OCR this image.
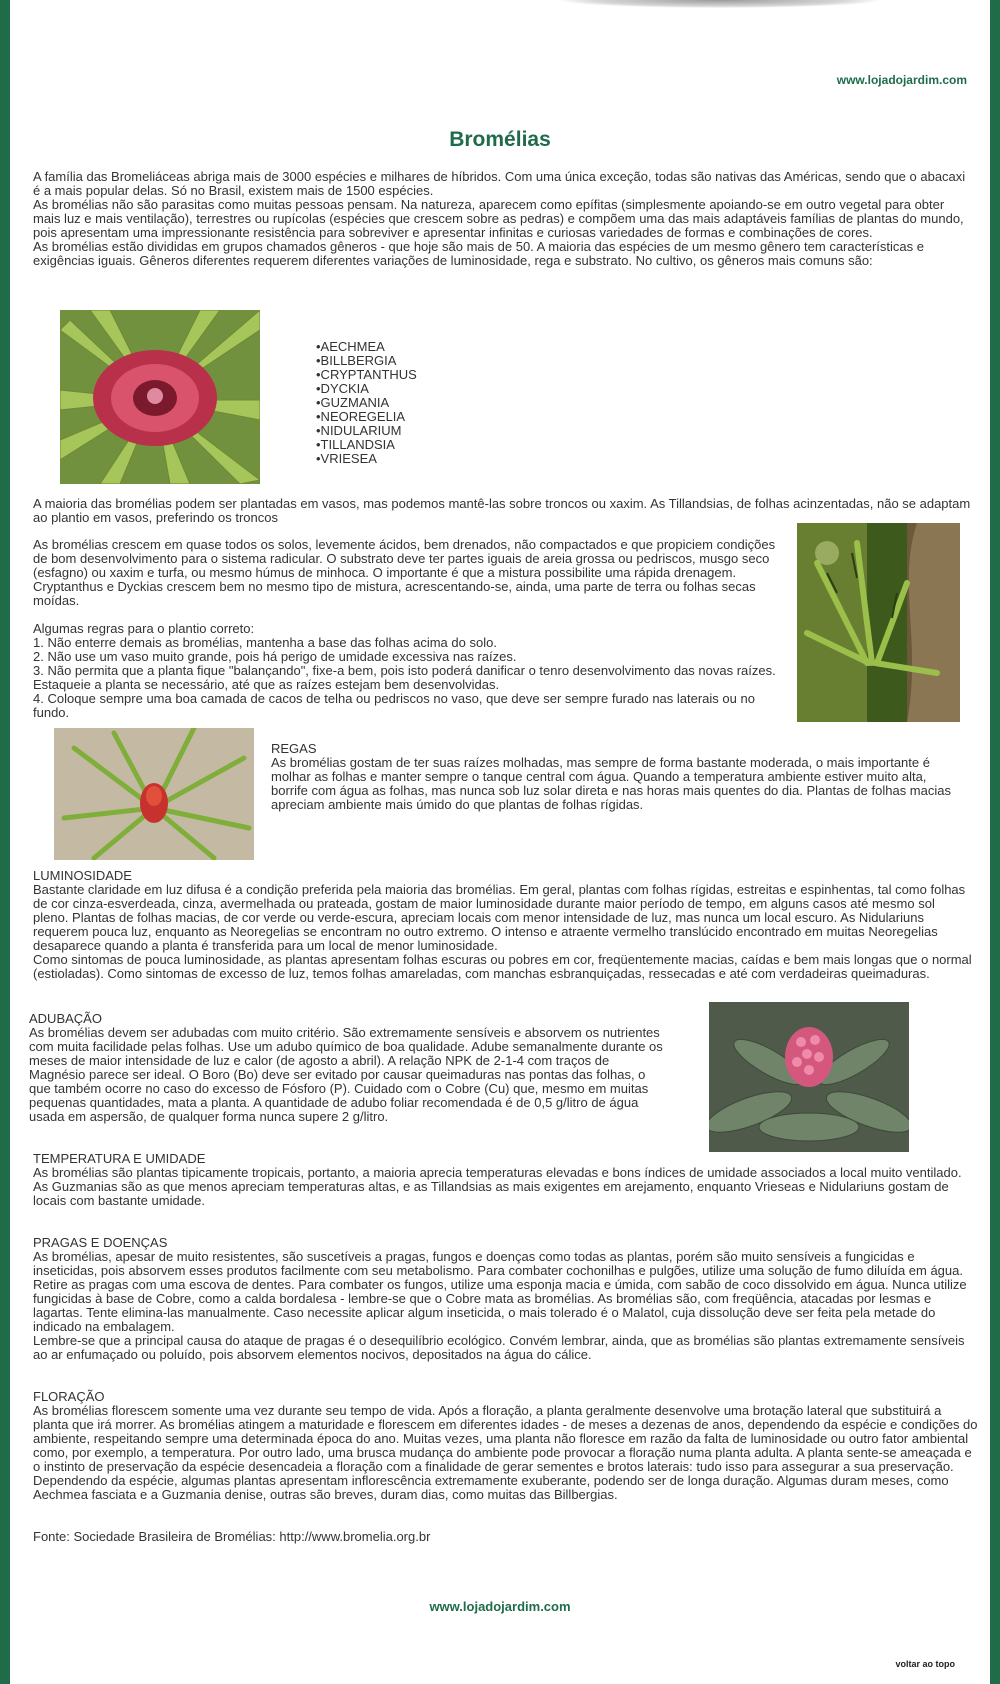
www.lojadojardim.com
Bromélias

A família das Bromeliáceas abriga mais de 3000 espécies e milhares de híbridos. Com uma única exceção, todas são nativas das Américas, sendo que o abacaxi é a mais popular delas. Só no Brasil, existem mais de 1500 espécies.

As bromélias não são parasitas como muitas pessoas pensam. Na natureza, aparecem como epífitas (simplesmente apoiando-se em outro vegetal para obter mais luz e mais ventilação), terrestres ou rupícolas (espécies que crescem sobre as pedras) e compõem uma das mais adaptáveis famílias de plantas do mundo, pois apresentam uma impressionante resistência para sobreviver e apresentar infinitas e curiosas variedades de formas e combinações de cores.

As bromélias estão divididas em grupos chamados gêneros - que hoje são mais de 50. A maioria das espécies de um mesmo gênero tem características e exigências iguais. Gêneros diferentes requerem diferentes variações de luminosidade, rega e substrato. No cultivo, os gêneros mais comuns são:

•AECHMEA
•BILLBERGIA
•CRYPTANTHUS
•DYCKIA
•GUZMANIA
•NEOREGELIA
•NIDULARIUM
•TILLANDSIA
•VRIESEA

A maioria das bromélias podem ser plantadas em vasos, mas podemos mantê-las sobre troncos ou xaxim. As Tillandsias, de folhas acinzentadas, não se adaptam ao plantio em vasos, preferindo os troncos

As bromélias crescem em quase todos os solos, levemente ácidos, bem drenados, não compactados e que propiciem condições de bom desenvolvimento para o sistema radicular. O substrato deve ter partes iguais de areia grossa ou pedriscos, musgo seco (esfagno) ou xaxim e turfa, ou mesmo húmus de minhoca. O importante é que a mistura possibilite uma rápida drenagem. Cryptanthus e Dyckias crescem bem no mesmo tipo de mistura, acrescentando-se, ainda, uma parte de terra ou folhas secas moídas.

Algumas regras para o plantio correto:

1. Não enterre demais as bromélias, mantenha a base das folhas acima do solo.

2. Não use um vaso muito grande, pois há perigo de umidade excessiva nas raízes.

3. Não permita que a planta fique "balançando", fixe-a bem, pois isto poderá danificar o tenro desenvolvimento das novas raízes. Estaqueie a planta se necessário, até que as raízes estejam bem desenvolvidas.

4. Coloque sempre uma boa camada de cacos de telha ou pedriscos no vaso, que deve ser sempre furado nas laterais ou no fundo.

REGAS

As bromélias gostam de ter suas raízes molhadas, mas sempre de forma bastante moderada, o mais importante é molhar as folhas e manter sempre o tanque central com água. Quando a temperatura ambiente estiver muito alta, borrife com água as folhas, mas nunca sob luz solar direta e nas horas mais quentes do dia. Plantas de folhas macias apreciam ambiente mais úmido do que plantas de folhas rígidas.

LUMINOSIDADE

Bastante claridade em luz difusa é a condição preferida pela maioria das bromélias. Em geral, plantas com folhas rígidas, estreitas e espinhentas, tal como folhas de cor cinza-esverdeada, cinza, avermelhada ou prateada, gostam de maior luminosidade durante maior período de tempo, em alguns casos até mesmo sol pleno. Plantas de folhas macias, de cor verde ou verde-escura, apreciam locais com menor intensidade de luz, mas nunca um local escuro. As Nidulariuns requerem pouca luz, enquanto as Neoregelias se encontram no outro extremo. O intenso e atraente vermelho translúcido encontrado em muitas Neoregelias desaparece quando a planta é transferida para um local de menor luminosidade.

Como sintomas de pouca luminosidade, as plantas apresentam folhas escuras ou pobres em cor, freqüentemente macias, caídas e bem mais longas que o normal (estioladas). Como sintomas de excesso de luz, temos folhas amareladas, com manchas esbranquiçadas, ressecadas e até com verdadeiras queimaduras.

ADUBAÇÃO

As bromélias devem ser adubadas com muito critério. São extremamente sensíveis e absorvem os nutrientes com muita facilidade pelas folhas. Use um adubo químico de boa qualidade. Adube semanalmente durante os meses de maior intensidade de luz e calor (de agosto a abril). A relação NPK de 2-1-4 com traços de Magnésio parece ser ideal. O Boro (Bo) deve ser evitado por causar queimaduras nas pontas das folhas, o que também ocorre no caso do excesso de Fósforo (P). Cuidado com o Cobre (Cu) que, mesmo em muitas pequenas quantidades, mata a planta. A quantidade de adubo foliar recomendada é de 0,5 g/litro de água usada em aspersão, de qualquer forma nunca supere 2 g/litro.

TEMPERATURA E UMIDADE

As bromélias são plantas tipicamente tropicais, portanto, a maioria aprecia temperaturas elevadas e bons índices de umidade associados a local muito ventilado. As Guzmanias são as que menos apreciam temperaturas altas, e as Tillandsias as mais exigentes em arejamento, enquanto Vrieseas e Nidulariuns gostam de locais com bastante umidade.

PRAGAS E DOENÇAS

As bromélias, apesar de muito resistentes, são suscetíveis a pragas, fungos e doenças como todas as plantas, porém são muito sensíveis a fungicidas e inseticidas, pois absorvem esses produtos facilmente com seu metabolismo. Para combater cochonilhas e pulgões, utilize uma solução de fumo diluída em água. Retire as pragas com uma escova de dentes. Para combater os fungos, utilize uma esponja macia e úmida, com sabão de coco dissolvido em água. Nunca utilize fungicidas à base de Cobre, como a calda bordalesa - lembre-se que o Cobre mata as bromélias. As bromélias são, com freqüência, atacadas por lesmas e lagartas. Tente elimina-las manualmente. Caso necessite aplicar algum inseticida, o mais tolerado é o Malatol, cuja dissolução deve ser feita pela metade do indicado na embalagem.

Lembre-se que a principal causa do ataque de pragas é o desequilíbrio ecológico. Convém lembrar, ainda, que as bromélias são plantas extremamente sensíveis ao ar enfumaçado ou poluído, pois absorvem elementos nocivos, depositados na água do cálice.

FLORAÇÃO

As bromélias florescem somente uma vez durante seu tempo de vida. Após a floração, a planta geralmente desenvolve uma brotação lateral que substituirá a planta que irá morrer. As bromélias atingem a maturidade e florescem em diferentes idades - de meses a dezenas de anos, dependendo da espécie e condições do ambiente, respeitando sempre uma determinada época do ano. Muitas vezes, uma planta não floresce em razão da falta de luminosidade ou outro fator ambiental como, por exemplo, a temperatura. Por outro lado, uma brusca mudança do ambiente pode provocar a floração numa planta adulta. A planta sente-se ameaçada e o instinto de preservação da espécie desencadeia a floração com a finalidade de gerar sementes e brotos laterais: tudo isso para assegurar a sua preservação.

Dependendo da espécie, algumas plantas apresentam inflorescência extremamente exuberante, podendo ser de longa duração. Algumas duram meses, como Aechmea fasciata e a Guzmania denise, outras são breves, duram dias, como muitas das Billbergias.

Fonte: Sociedade Brasileira de Bromélias: http://www.bromelia.org.br

www.lojadojardim.com
voltar ao topo
